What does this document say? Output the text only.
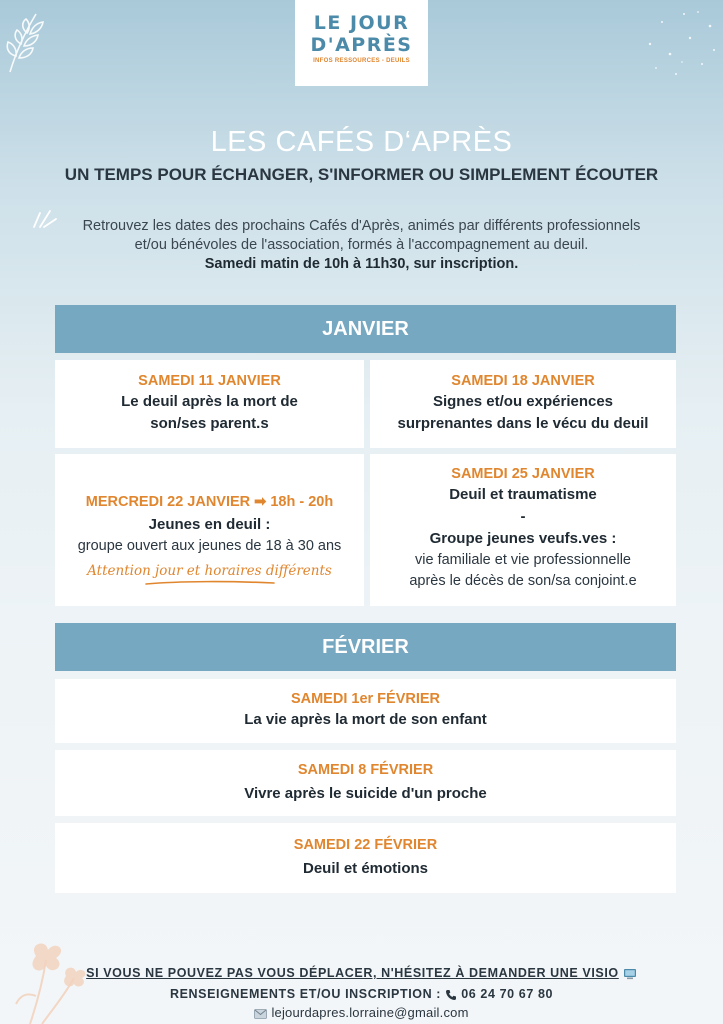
LE JOUR
D'APRÈS
INFOS RESSOURCES - DEUILS
LES CAFÉS D‘APRÈS
UN TEMPS POUR ÉCHANGER, S'INFORMER OU SIMPLEMENT ÉCOUTER
Retrouvez les dates des prochains Cafés d'Après, animés par différents professionnels
et/ou bénévoles de l'association, formés à l'accompagnement au deuil.
Samedi matin de 10h à 11h30, sur inscription.
JANVIER
SAMEDI 11 JANVIER
Le deuil après la mort de
son/ses parent.s
SAMEDI 18 JANVIER
Signes et/ou expériences
surprenantes dans le vécu du deuil
MERCREDI 22 JANVIER ➡ 18h - 20h
Jeunes en deuil :
groupe ouvert aux jeunes de 18 à 30 ans
Attention jour et horaires différents
SAMEDI 25 JANVIER
Deuil et traumatisme
-
Groupe jeunes veufs.ves :
vie familiale et vie professionnelle
après le décès de son/sa conjoint.e
FÉVRIER
SAMEDI 1er FÉVRIER
La vie après la mort de son enfant
SAMEDI 8 FÉVRIER
Vivre après le suicide d'un proche
SAMEDI 22 FÉVRIER
Deuil et émotions
SI VOUS NE POUVEZ PAS VOUS DÉPLACER, N'HÉSITEZ À DEMANDER UNE VISIO
RENSEIGNEMENTS ET/OU INSCRIPTION : 06 24 70 67 80
lejourdapres.lorraine@gmail.com
